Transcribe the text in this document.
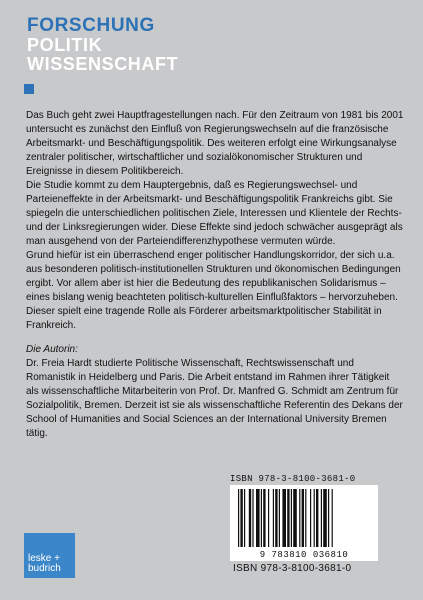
FORSCHUNG
POLITIK
WISSENSCHAFT

Das Buch geht zwei Hauptfragestellungen nach. Für den Zeitraum von 1981 bis 2001 untersucht es zunächst den Einfluß von Regierungswechseln auf die französische Arbeitsmarkt- und Beschäftigungspolitik. Des weiteren erfolgt eine Wirkungsanalyse zentraler politischer, wirtschaftlicher und sozialökonomischer Strukturen und Ereignisse in diesem Politikbereich.

Die Studie kommt zu dem Hauptergebnis, daß es Regierungswechsel- und Parteieneffekte in der Arbeitsmarkt- und Beschäftigungspolitik Frankreichs gibt. Sie spiegeln die unterschiedlichen politischen Ziele, Interessen und Klientele der Rechts- und der Linksregierungen wider. Diese Effekte sind jedoch schwächer ausgeprägt als man ausgehend von der Parteiendifferenzhypothese vermuten würde.

Grund hiefür ist ein überraschend enger politischer Handlungskorridor, der sich u.a. aus besonderen politisch-institutionellen Strukturen und ökonomischen Bedingungen ergibt. Vor allem aber ist hier die Bedeutung des republikanischen Solidarismus – eines bislang wenig beachteten politisch-kulturellen Einflußfaktors – hervorzuheben. Dieser spielt eine tragende Rolle als Förderer arbeitsmarktpolitischer Stabilität in Frankreich.

Die Autorin:

Dr. Freia Hardt studierte Politische Wissenschaft, Rechtswissenschaft und Romanistik in Heidelberg und Paris. Die Arbeit entstand im Rahmen ihrer Tätigkeit als wissenschaftliche Mitarbeiterin von Prof. Dr. Manfred G. Schmidt am Zentrum für Sozialpolitik, Bremen. Derzeit ist sie als wissenschaftliche Referentin des Dekans der School of Humanities and Social Sciences an der International University Bremen tätig.

ISBN 978-3-8100-3681-0
9 783810 036810
ISBN 978-3-8100-3681-0
leske +
budrich
